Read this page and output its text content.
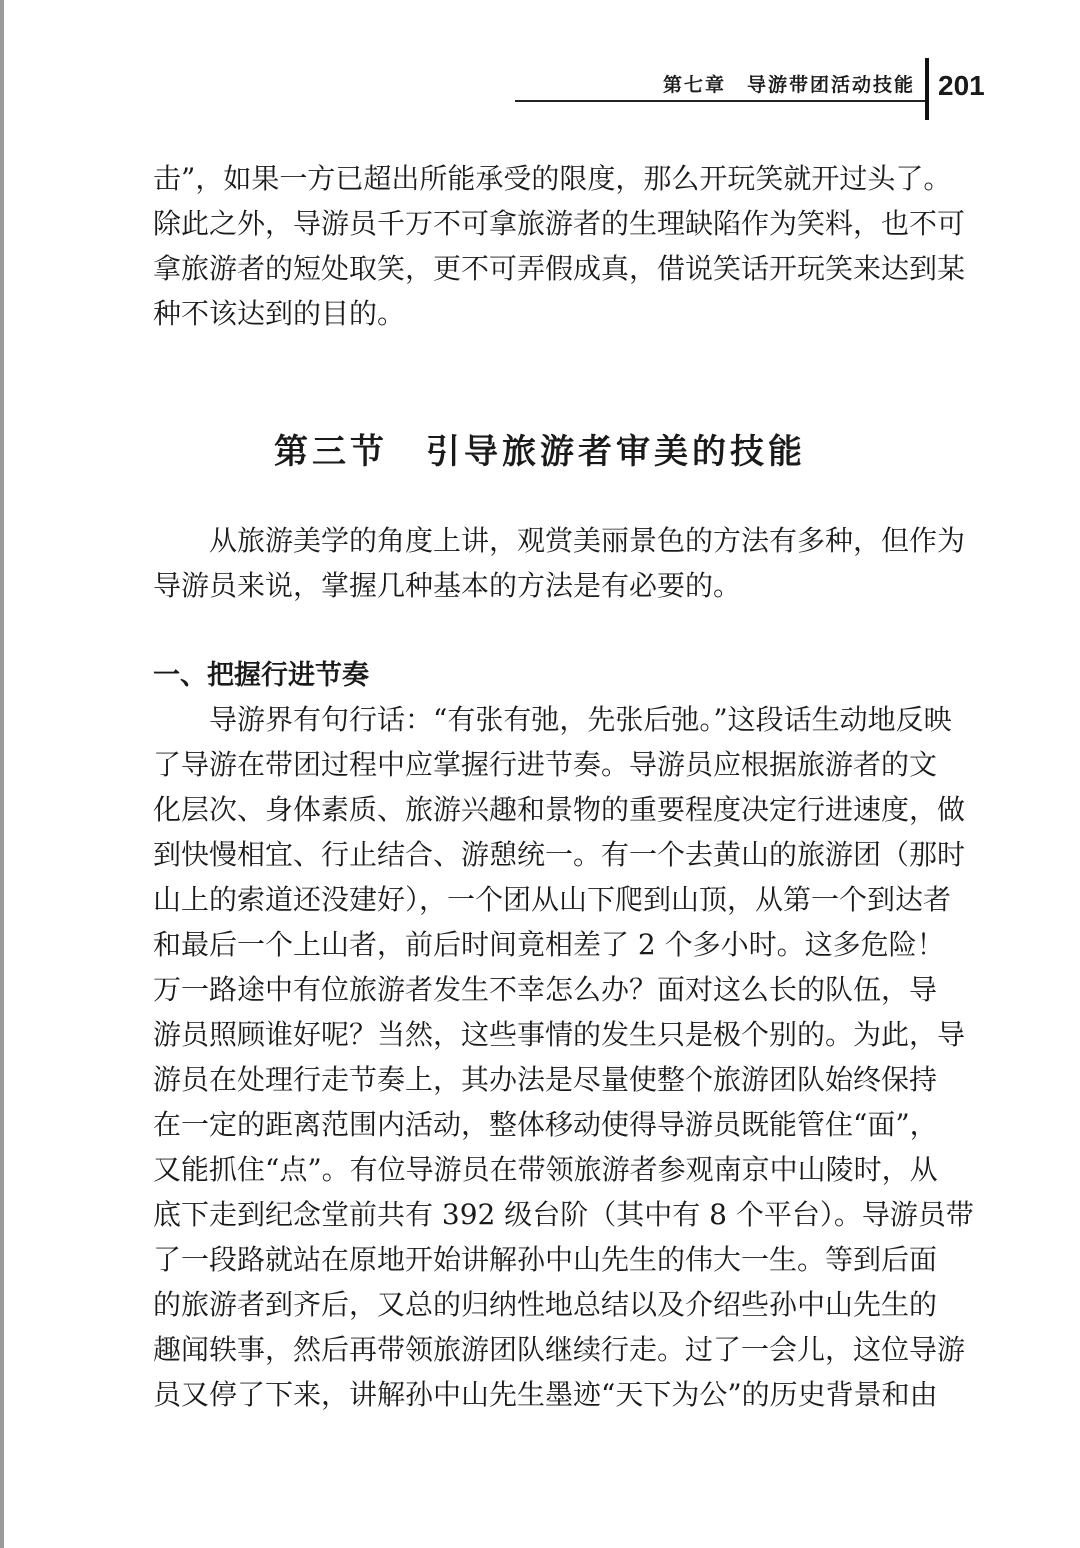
第七章　导游带团活动技能 201
击”，如果一方已超出所能承受的限度，那么开玩笑就开过头了。
除此之外，导游员千万不可拿旅游者的生理缺陷作为笑料，也不可
拿旅游者的短处取笑，更不可弄假成真，借说笑话开玩笑来达到某
种不该达到的目的。
第三节　引导旅游者审美的技能
从旅游美学的角度上讲，观赏美丽景色的方法有多种，但作为
导游员来说，掌握几种基本的方法是有必要的。
一、把握行进节奏
导游界有句行话：“有张有弛，先张后弛。”这段话生动地反映
了导游在带团过程中应掌握行进节奏。导游员应根据旅游者的文
化层次、身体素质、旅游兴趣和景物的重要程度决定行进速度，做
到快慢相宜、行止结合、游憩统一。有一个去黄山的旅游团（那时
山上的索道还没建好），一个团从山下爬到山顶，从第一个到达者
和最后一个上山者，前后时间竟相差了 2 个多小时。这多危险！
万一路途中有位旅游者发生不幸怎么办？面对这么长的队伍，导
游员照顾谁好呢？当然，这些事情的发生只是极个别的。为此，导
游员在处理行走节奏上，其办法是尽量使整个旅游团队始终保持
在一定的距离范围内活动，整体移动使得导游员既能管住“面”，
又能抓住“点”。有位导游员在带领旅游者参观南京中山陵时，从
底下走到纪念堂前共有 392 级台阶（其中有 8 个平台）。导游员带
了一段路就站在原地开始讲解孙中山先生的伟大一生。等到后面
的旅游者到齐后，又总的归纳性地总结以及介绍些孙中山先生的
趣闻轶事，然后再带领旅游团队继续行走。过了一会儿，这位导游
员又停了下来，讲解孙中山先生墨迹“天下为公”的历史背景和由
